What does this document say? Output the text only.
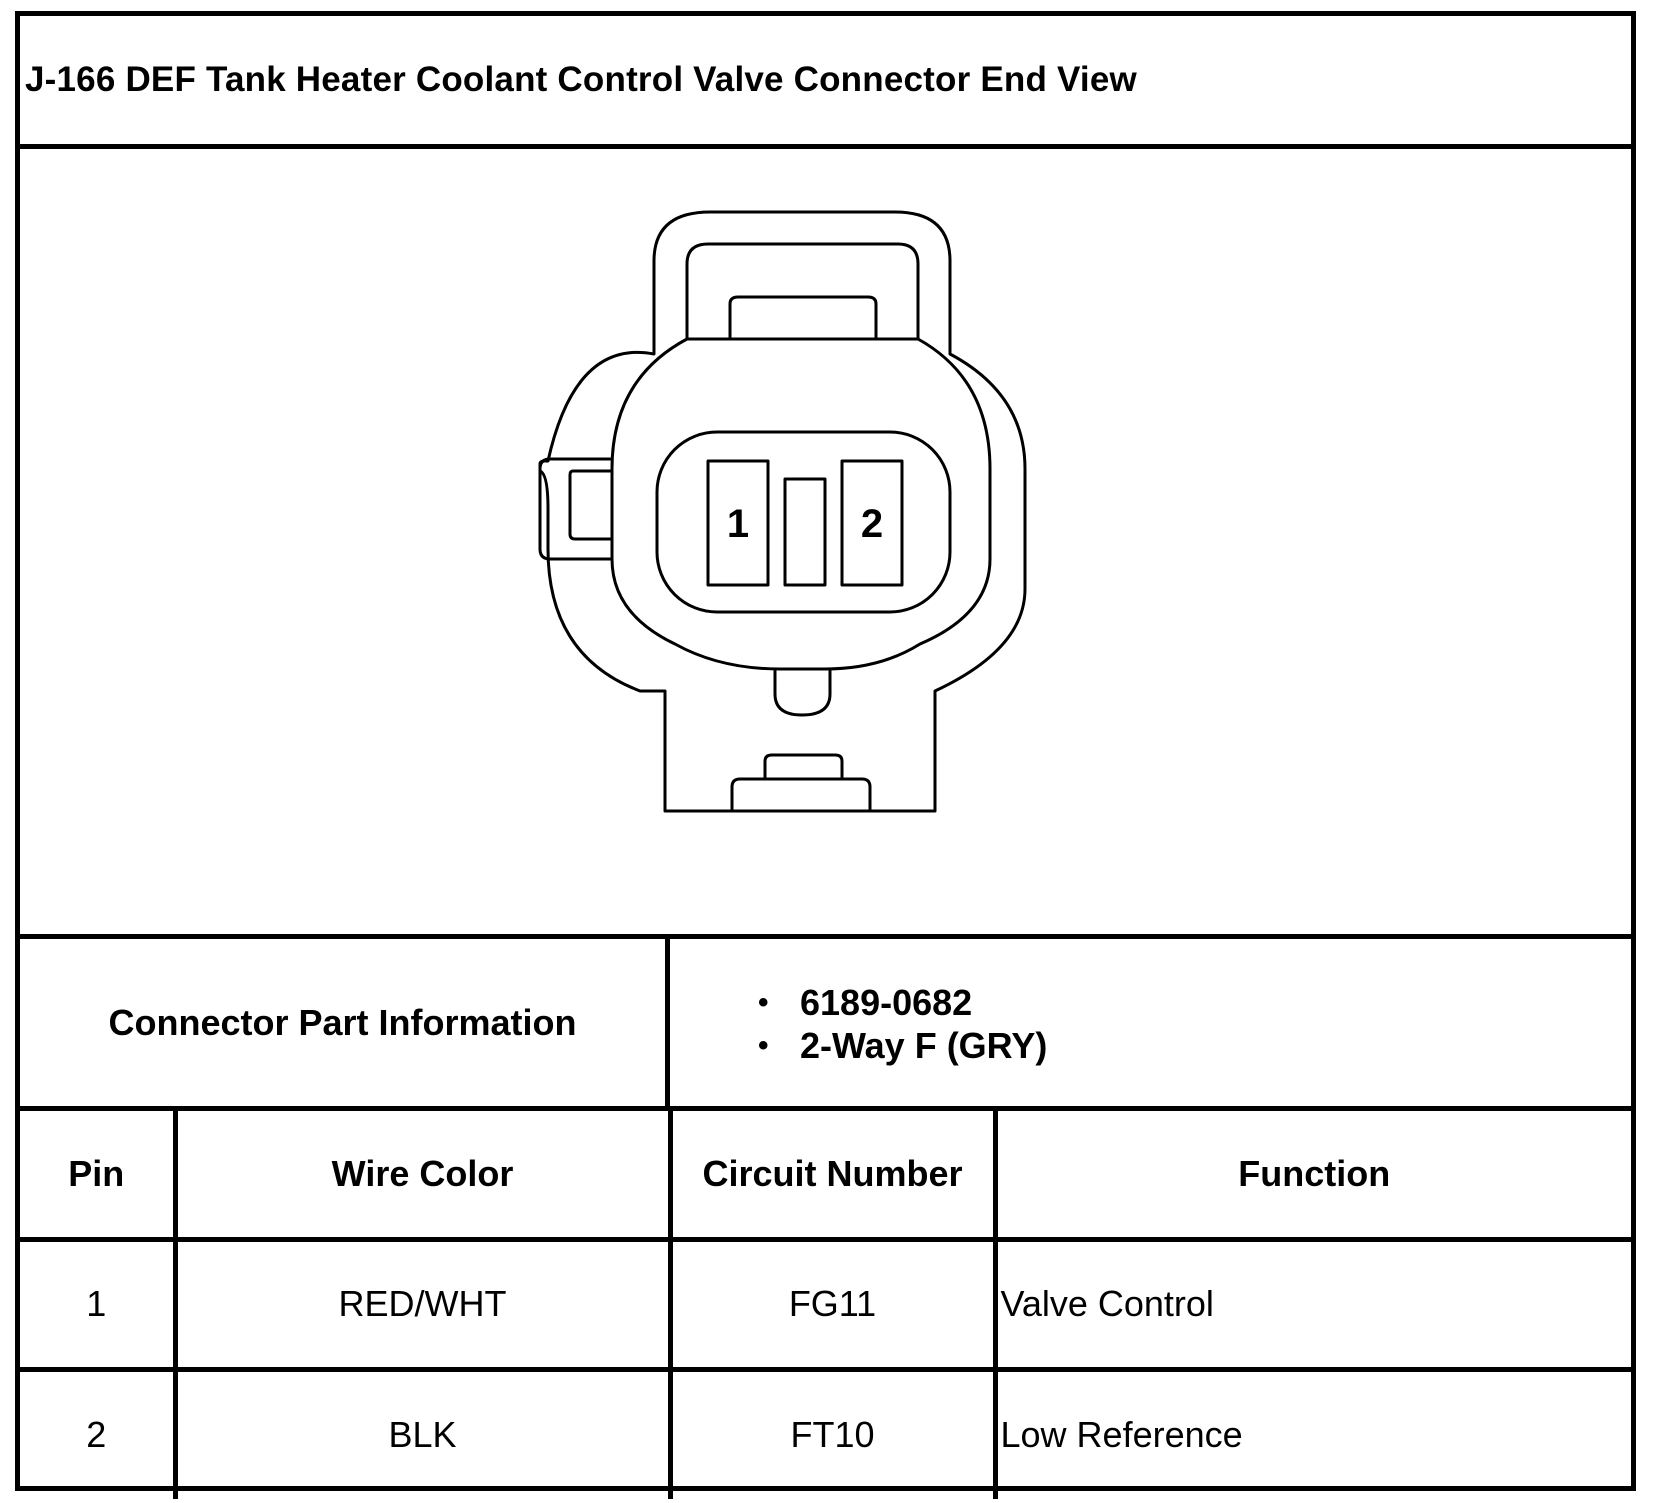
J-166 DEF Tank Heater Coolant Control Valve Connector End View
1	2
Connector Part Information	• 6189-0682
• 2-Way F (GRY)
Pin	Wire Color	Circuit Number	Function
1	RED/WHT	FG11	Valve Control
2	BLK	FT10	Low Reference
